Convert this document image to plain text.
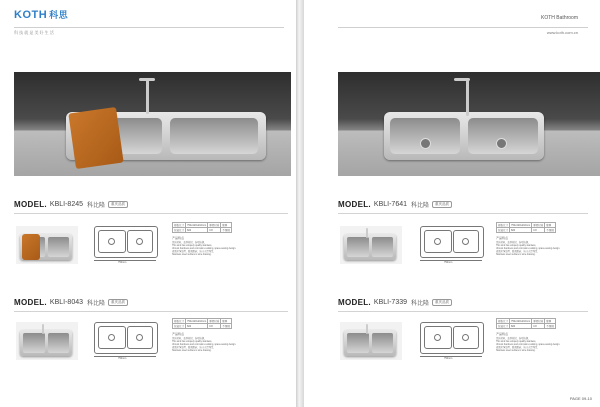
KOTH 科思
科 技 就 是 美 好 生 活
MODEL. KBLI-8245 科比隆	重庆品质
750mm
规格尺寸	750x420x210mm	厚度材质	壁厚
包装尺寸	820	0.8	不锈钢
产品特点
优质材料，加厚板材，防噪防潮，
This sink has uniquely quality stainless,
Utmost hardness and corrosion-resisting, space-saving design.
表面拉丝处理，耐刮耐磨，防止水渍残留，
Stainless steel surface is wire drawing.
MODEL. KBLI-8043 科比隆	重庆品质
750mm
规格尺寸	750x420x210mm	厚度材质	壁厚
包装尺寸	820	0.8	不锈钢
产品特点
优质材料，加厚板材，防噪防潮，
This sink has uniquely quality stainless,
Utmost hardness and corrosion-resisting, space-saving design.
表面拉丝处理，耐刮耐磨，防止水渍残留，
Stainless steel surface is wire drawing.
KOTH Bathroom
www.koth.com.cn
MODEL. KBLI-7641 科比隆	重庆品质
750mm
规格尺寸	750x420x210mm	厚度材质	壁厚
包装尺寸	820	0.8	不锈钢
产品特点
优质材料，加厚板材，防噪防潮，
This sink has uniquely quality stainless,
Utmost hardness and corrosion-resisting, space-saving design.
表面拉丝处理，耐刮耐磨，防止水渍残留，
Stainless steel surface is wire drawing.
MODEL. KBLI-7339 科比隆	重庆品质
750mm
规格尺寸	750x420x210mm	厚度材质	壁厚
包装尺寸	820	0.8	不锈钢
产品特点
优质材料，加厚板材，防噪防潮，
This sink has uniquely quality stainless,
Utmost hardness and corrosion-resisting, space-saving design.
表面拉丝处理，耐刮耐磨，防止水渍残留，
Stainless steel surface is wire drawing.
PAGE 09-10
